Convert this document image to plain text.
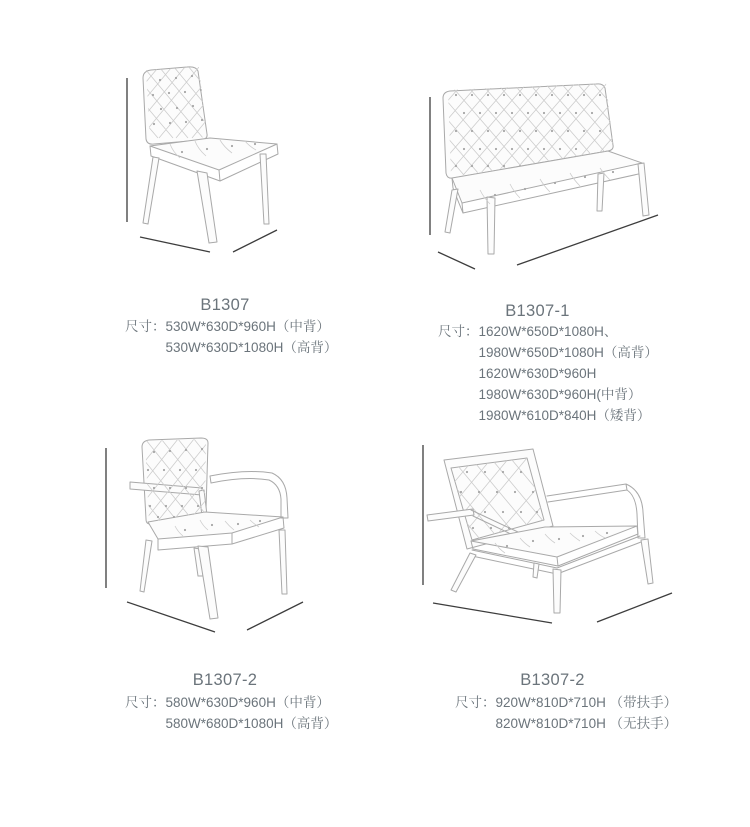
B1307
尺寸： 530W*630D*960H（中背）
530W*630D*1080H（高背）
B1307-1
尺寸： 1620W*650D*1080H、
1980W*650D*1080H（高背）
1620W*630D*960H
1980W*630D*960H(中背）
1980W*610D*840H（矮背）
B1307-2
尺寸： 580W*630D*960H（中背）
580W*680D*1080H（高背）
B1307-2
尺寸： 920W*810D*710H （带扶手）
820W*810D*710H （无扶手）
